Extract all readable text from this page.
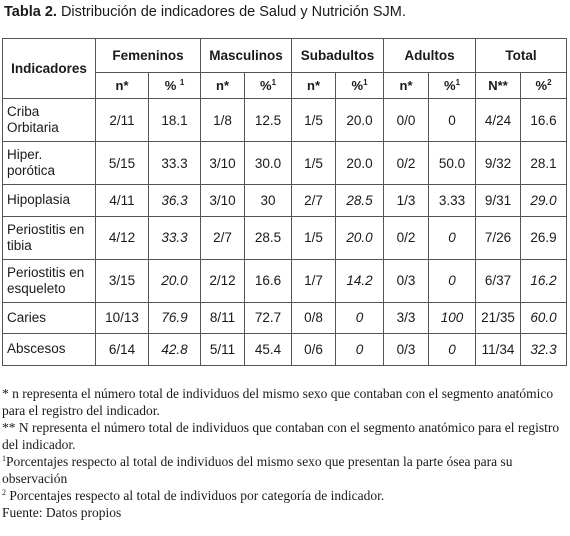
Tabla 2. Distribución de indicadores de Salud y Nutrición SJM.
Indicadores	Femeninos		Masculinos		Subadultos		Adultos		Total	
	n*	% $^1$	n*	%$^1$	n*	%$^1$	n*	%$^1$	N**	%$^2$
Criba Orbitaria	2/11	18.1	1/8	12.5	1/5	20.0	0/0	0	4/24	16.6
Hiper. porótica	5/15	33.3	3/10	30.0	1/5	20.0	0/2	50.0	9/32	28.1
Hipoplasia	4/11	36.3	3/10	30	2/7	28.5	1/3	3.33	9/31	29.0
Periostitis en tibia	4/12	33.3	2/7	28.5	1/5	20.0	0/2	0	7/26	26.9
Periostitis en esqueleto	3/15	20.0	2/12	16.6	1/7	14.2	0/3	0	6/37	16.2
Caries	10/13	76.9	8/11	72.7	0/8	0	3/3	100	21/35	60.0
Abscesos	6/14	42.8	5/11	45.4	0/6	0	0/3	0	11/34	32.3

* n representa el número total de individuos del mismo sexo que contaban con el segmento anatómico para el registro del indicador.

** N representa el número total de individuos que contaban con el segmento anatómico para el registro del indicador.

$^1$Porcentajes respecto al total de individuos del mismo sexo que presentan la parte ósea para su observación

$^2$ Porcentajes respecto al total de individuos por categoría de indicador.

Fuente: Datos propios
